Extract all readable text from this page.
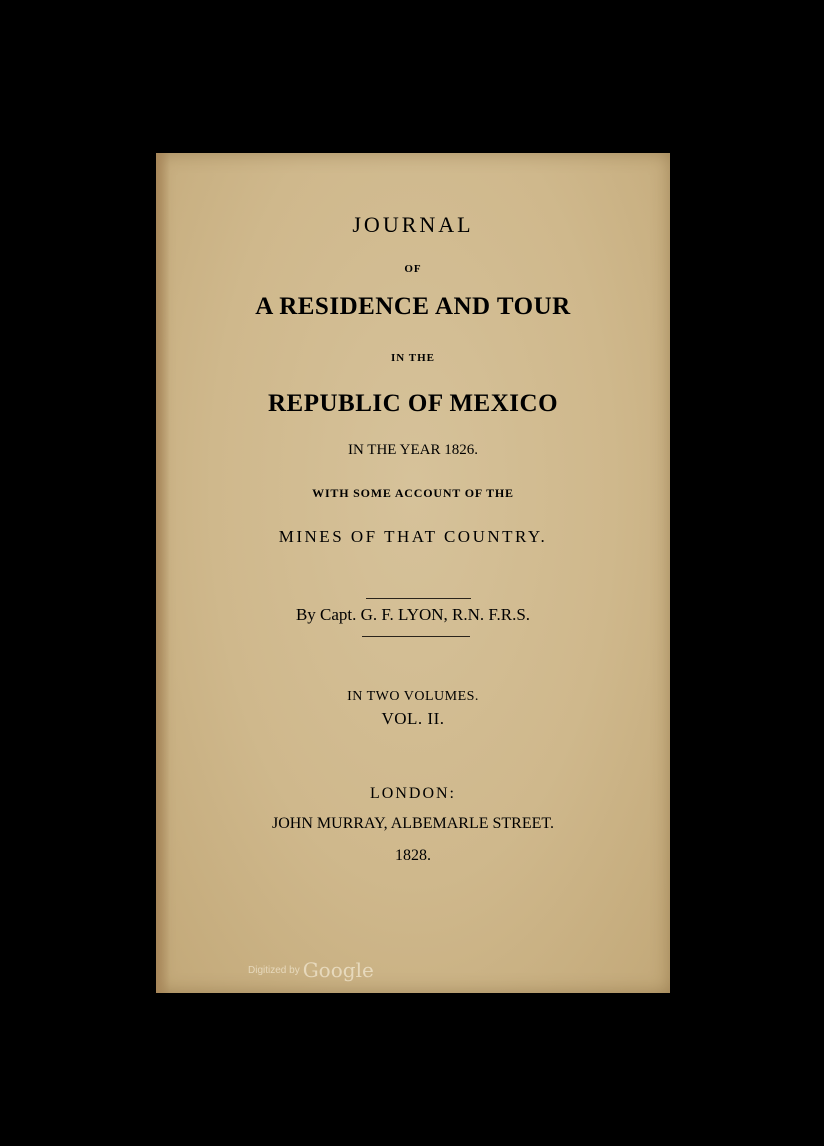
JOURNAL
OF
A RESIDENCE AND TOUR
IN THE
REPUBLIC OF MEXICO
IN THE YEAR 1826.
WITH SOME ACCOUNT OF THE
MINES OF THAT COUNTRY.
By Capt. G. F. LYON, R.N. F.R.S.
IN TWO VOLUMES.
VOL. II.
LONDON:
JOHN MURRAY, ALBEMARLE STREET.
1828.
Digitized by Google
